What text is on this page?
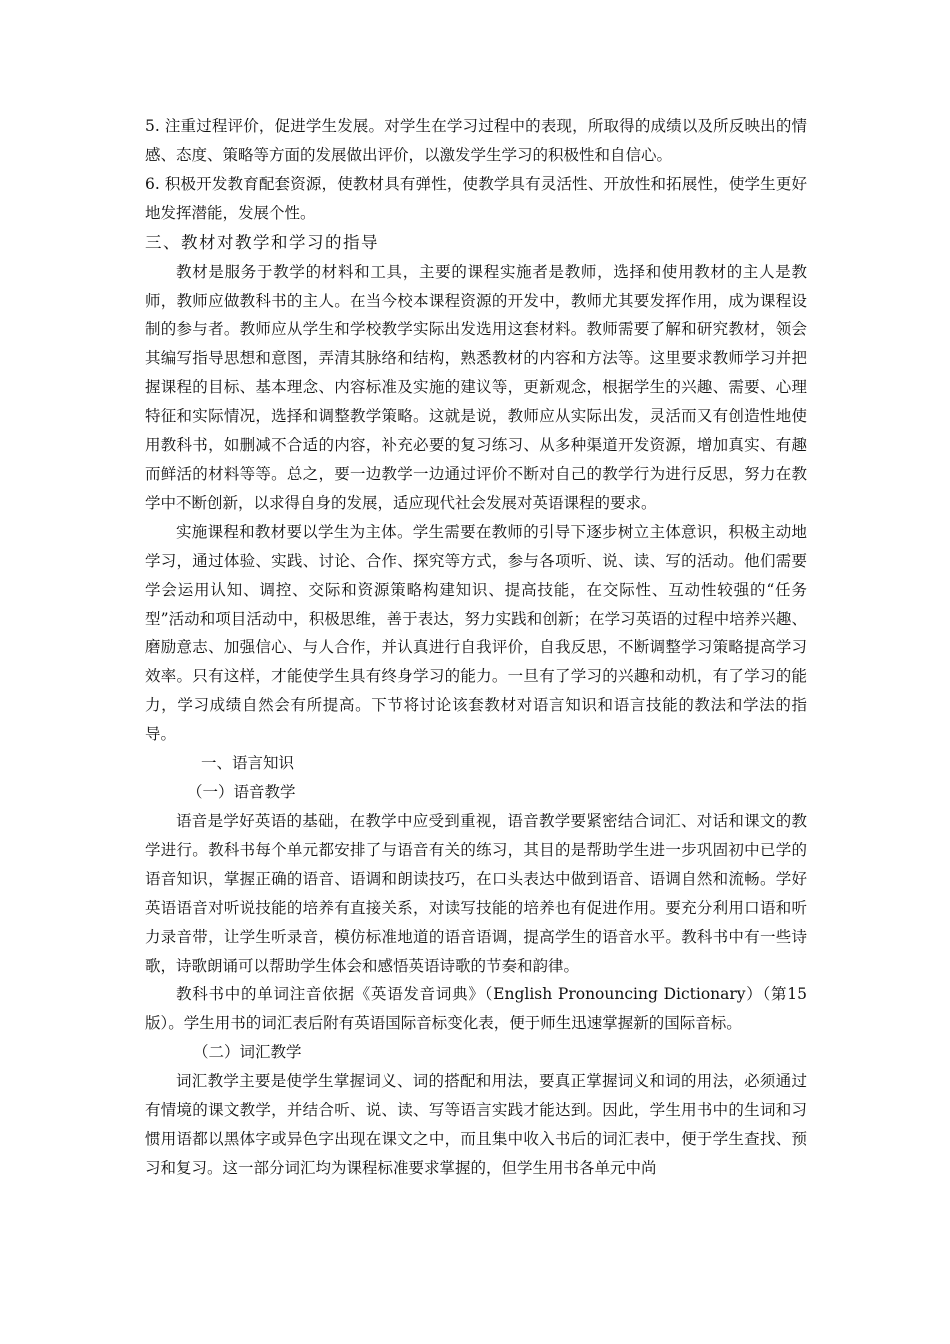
5. 注重过程评价，促进学生发展。对学生在学习过程中的表现，所取得的成绩以及所反映出的情感、态度、策略等方面的发展做出评价，以激发学生学习的积极性和自信心。

6. 积极开发教育配套资源，使教材具有弹性，使教学具有灵活性、开放性和拓展性，使学生更好地发挥潜能，发展个性。

三、教材对教学和学习的指导

教材是服务于教学的材料和工具，主要的课程实施者是教师，选择和使用教材的主人是教师，教师应做教科书的主人。在当今校本课程资源的开发中，教师尤其要发挥作用，成为课程设制的参与者。教师应从学生和学校教学实际出发选用这套材料。教师需要了解和研究教材，领会其编写指导思想和意图，弄清其脉络和结构，熟悉教材的内容和方法等。这里要求教师学习并把握课程的目标、基本理念、内容标准及实施的建议等，更新观念，根据学生的兴趣、需要、心理特征和实际情况，选择和调整教学策略。这就是说，教师应从实际出发，灵活而又有创造性地使用教科书，如删减不合适的内容，补充必要的复习练习、从多种渠道开发资源，增加真实、有趣而鲜活的材料等等。总之，要一边教学一边通过评价不断对自己的教学行为进行反思，努力在教学中不断创新，以求得自身的发展，适应现代社会发展对英语课程的要求。

实施课程和教材要以学生为主体。学生需要在教师的引导下逐步树立主体意识，积极主动地学习，通过体验、实践、讨论、合作、探究等方式，参与各项听、说、读、写的活动。他们需要学会运用认知、调控、交际和资源策略构建知识、提高技能，在交际性、互动性较强的“任务型”活动和项目活动中，积极思维，善于表达，努力实践和创新；在学习英语的过程中培养兴趣、磨励意志、加强信心、与人合作，并认真进行自我评价，自我反思，不断调整学习策略提高学习效率。只有这样，才能使学生具有终身学习的能力。一旦有了学习的兴趣和动机，有了学习的能力，学习成绩自然会有所提高。下节将讨论该套教材对语言知识和语言技能的教法和学法的指导。

一、语言知识

（一）语音教学

语音是学好英语的基础，在教学中应受到重视，语音教学要紧密结合词汇、对话和课文的教学进行。教科书每个单元都安排了与语音有关的练习，其目的是帮助学生进一步巩固初中已学的语音知识，掌握正确的语音、语调和朗读技巧，在口头表达中做到语音、语调自然和流畅。学好英语语音对听说技能的培养有直接关系，对读写技能的培养也有促进作用。要充分利用口语和听力录音带，让学生听录音，模仿标准地道的语音语调，提高学生的语音水平。教科书中有一些诗歌，诗歌朗诵可以帮助学生体会和感悟英语诗歌的节奏和韵律。

教科书中的单词注音依据《英语发音词典》（English Pronouncing Dictionary）（第15版）。学生用书的词汇表后附有英语国际音标变化表，便于师生迅速掌握新的国际音标。

（二）词汇教学

词汇教学主要是使学生掌握词义、词的搭配和用法，要真正掌握词义和词的用法，必须通过有情境的课文教学，并结合听、说、读、写等语言实践才能达到。因此，学生用书中的生词和习惯用语都以黑体字或异色字出现在课文之中，而且集中收入书后的词汇表中，便于学生查找、预习和复习。这一部分词汇均为课程标准要求掌握的，但学生用书各单元中尚
